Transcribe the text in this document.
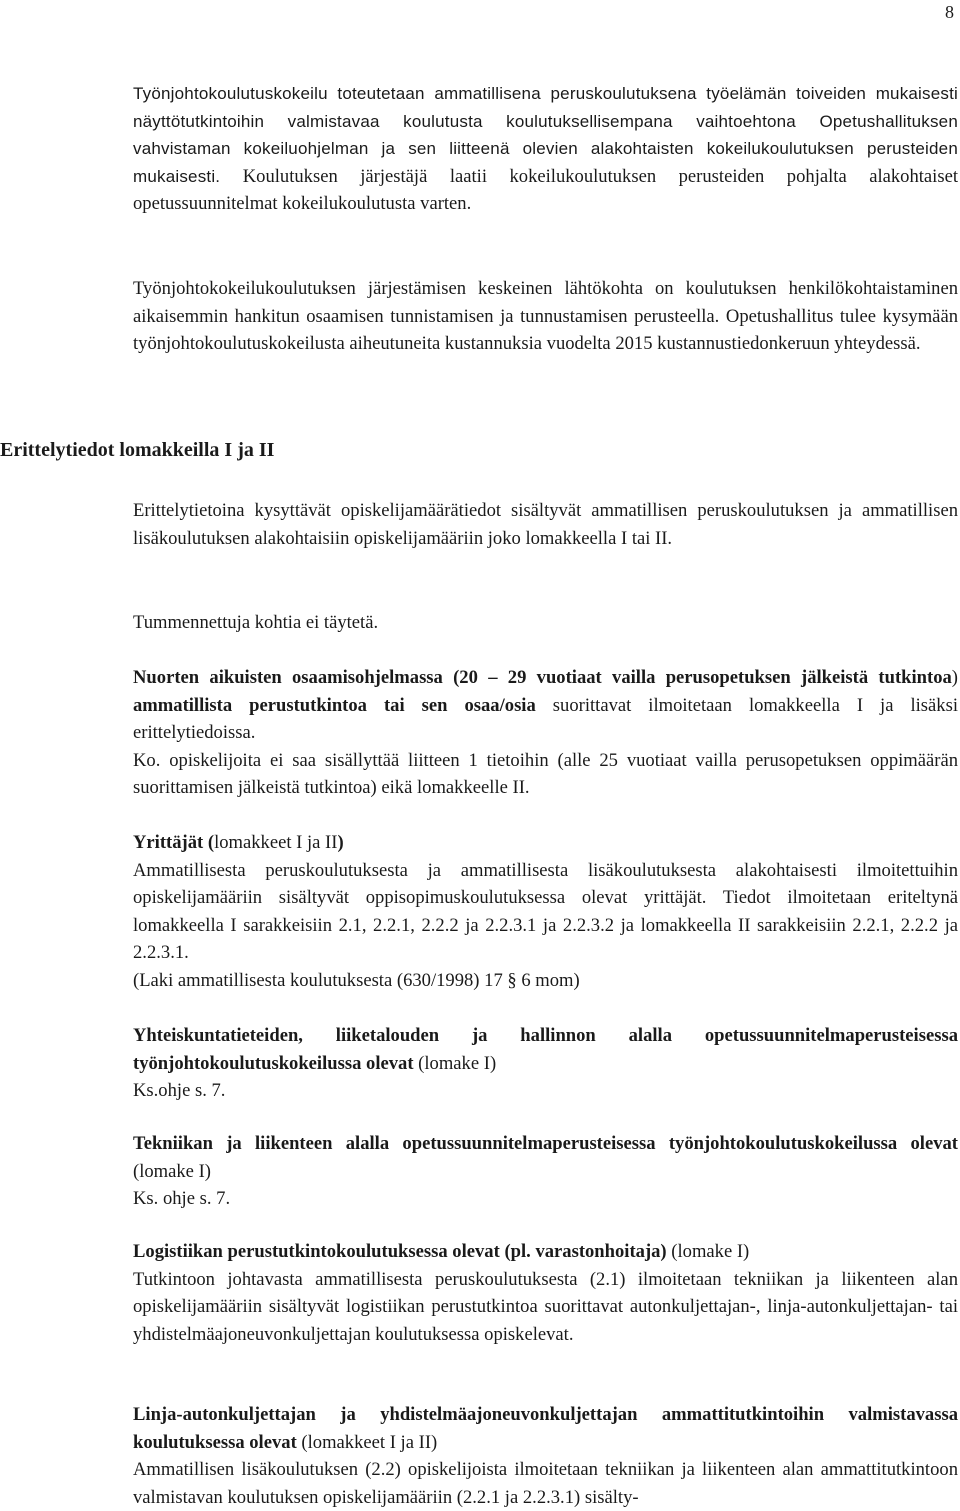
8

Työnjohtokoulutuskokeilu toteutetaan ammatillisena peruskoulutuksena työelämän toiveiden mukaisesti näyttötutkintoihin valmistavaa koulutusta koulutuksellisempana vaihtoehtona Opetushallituksen vahvistaman kokeiluohjelman ja sen liitteenä olevien alakohtaisten kokeilukoulutuksen perusteiden mukaisesti. Koulutuksen järjestäjä laatii kokeilukoulutuksen perusteiden pohjalta alakohtaiset opetussuunnitelmat kokeilukoulutusta varten.

Työnjohtokokeilukoulutuksen järjestämisen keskeinen lähtökohta on koulutuksen henkilökohtaistaminen aikaisemmin hankitun osaamisen tunnistamisen ja tunnustamisen perusteella. Opetushallitus tulee kysymään työnjohtokoulutuskokeilusta aiheutuneita kustannuksia vuodelta 2015 kustannustiedonkeruun yhteydessä.

Erittelytiedot lomakkeilla I ja II

Erittelytietoina kysyttävät opiskelijamäärätiedot sisältyvät ammatillisen peruskoulutuksen ja ammatillisen lisäkoulutuksen alakohtaisiin opiskelijamääriin joko lomakkeella I tai II.

Tummennettuja kohtia ei täytetä.

Nuorten aikuisten osaamisohjelmassa (20 – 29 vuotiaat vailla perusopetuksen jälkeistä tutkintoa) ammatillista perustutkintoa tai sen osaa/osia suorittavat ilmoitetaan lomakkeella I ja lisäksi erittelytiedoissa.
Ko. opiskelijoita ei saa sisällyttää liitteen 1 tietoihin (alle 25 vuotiaat vailla perusopetuksen oppimäärän suorittamisen jälkeistä tutkintoa) eikä lomakkeelle II.

Yrittäjät (lomakkeet I ja II)
Ammatillisesta peruskoulutuksesta ja ammatillisesta lisäkoulutuksesta alakohtaisesti ilmoitettuihin opiskelijamääriin sisältyvät oppisopimuskoulutuksessa olevat yrittäjät. Tiedot ilmoitetaan eriteltynä lomakkeella I sarakkeisiin 2.1, 2.2.1, 2.2.2 ja 2.2.3.1 ja 2.2.3.2 ja lomakkeella II sarakkeisiin 2.2.1, 2.2.2 ja 2.2.3.1.
(Laki ammatillisesta koulutuksesta (630/1998) 17 § 6 mom)

Yhteiskuntatieteiden, liiketalouden ja hallinnon alalla opetussuunnitelmaperusteisessa työnjohtokoulutuskokeilussa olevat (lomake I)
Ks.ohje s. 7.

Tekniikan ja liikenteen alalla opetussuunnitelmaperusteisessa työnjohtokoulutuskokeilussa olevat (lomake I)
Ks. ohje s. 7.

Logistiikan perustutkintokoulutuksessa olevat (pl. varastonhoitaja) (lomake I)
Tutkintoon johtavasta ammatillisesta peruskoulutuksesta (2.1) ilmoitetaan tekniikan ja liikenteen alan opiskelijamääriin sisältyvät logistiikan perustutkintoa suorittavat autonkuljettajan-, linja-autonkuljettajan- tai yhdistelmäajoneuvonkuljettajan koulutuksessa opiskelevat.

Linja-autonkuljettajan ja yhdistelmäajoneuvonkuljettajan ammattitutkintoihin valmistavassa koulutuksessa olevat (lomakkeet I ja II)
Ammatillisen lisäkoulutuksen (2.2) opiskelijoista ilmoitetaan tekniikan ja liikenteen alan ammattitutkintoon valmistavan koulutuksen opiskelijamääriin (2.2.1 ja 2.2.3.1) sisälty-
